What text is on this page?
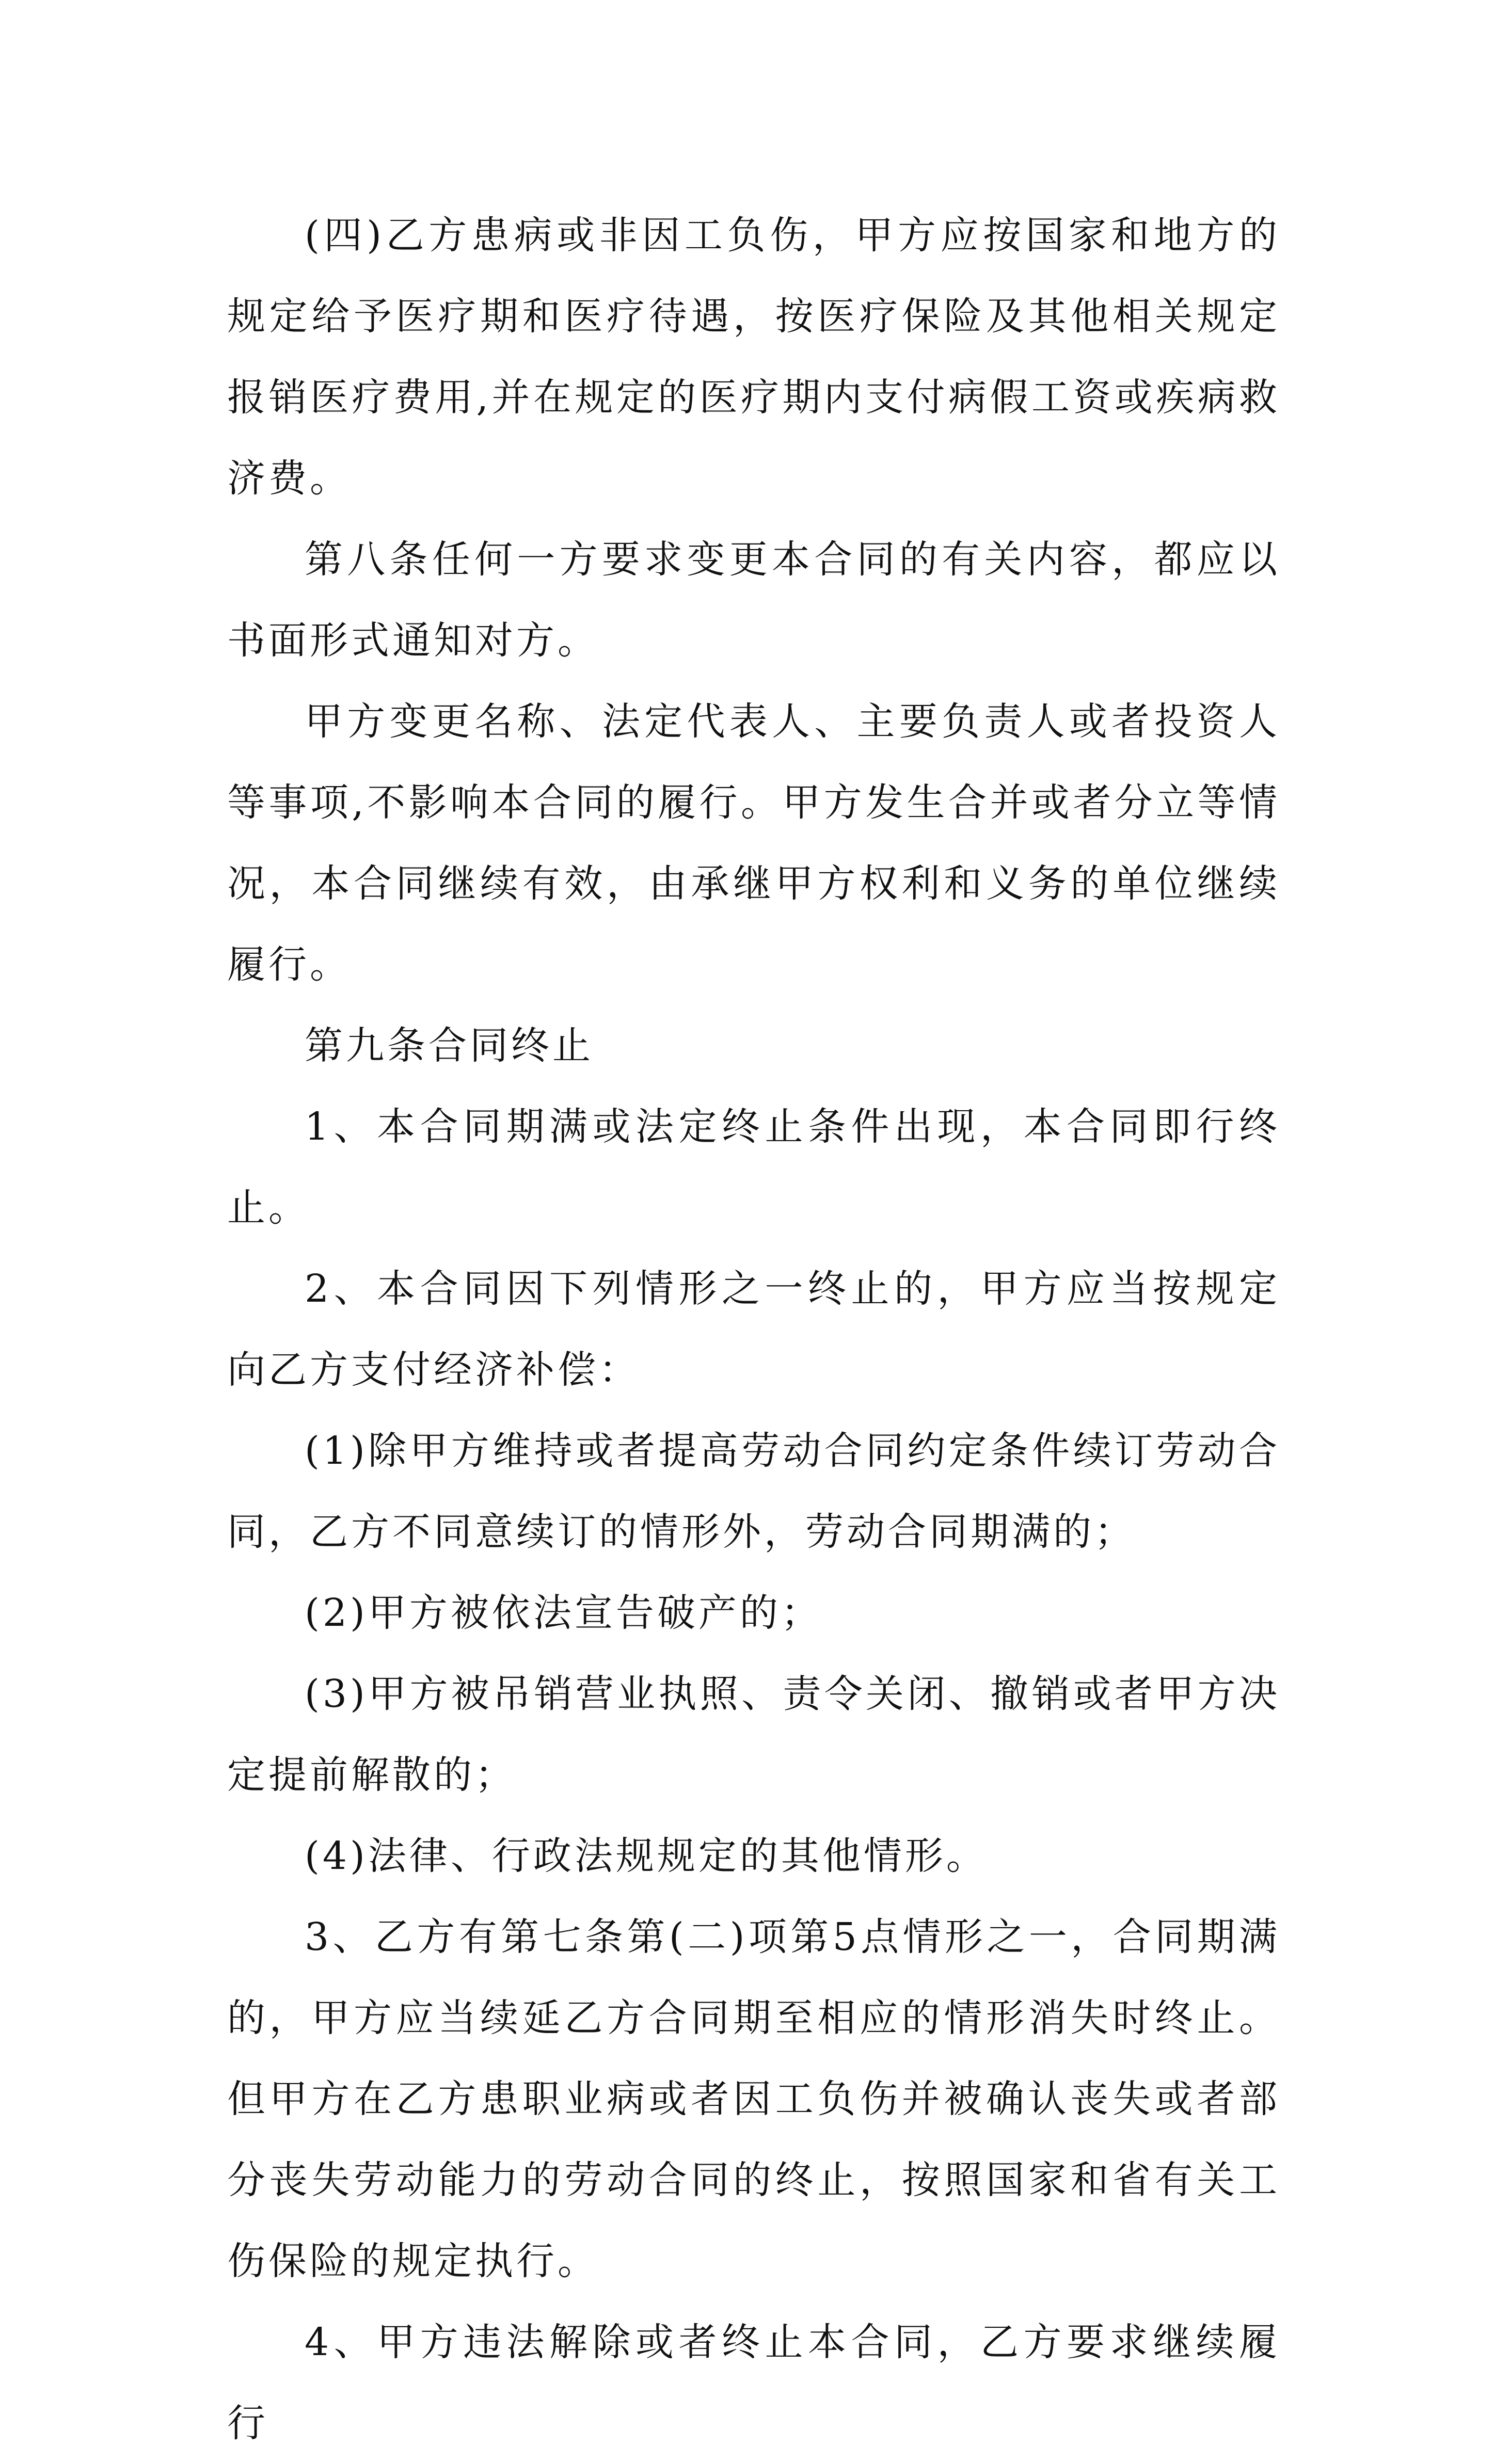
(四)乙方患病或非因工负伤，甲方应按国家和地方的规定给予医疗期和医疗待遇，按医疗保险及其他相关规定报销医疗费用,并在规定的医疗期内支付病假工资或疾病救济费。

第八条任何一方要求变更本合同的有关内容，都应以书面形式通知对方。

甲方变更名称、法定代表人、主要负责人或者投资人等事项,不影响本合同的履行。甲方发生合并或者分立等情况，本合同继续有效，由承继甲方权利和义务的单位继续履行。

第九条合同终止

1、本合同期满或法定终止条件出现，本合同即行终止。

2、本合同因下列情形之一终止的，甲方应当按规定向乙方支付经济补偿：

(1)除甲方维持或者提高劳动合同约定条件续订劳动合同，乙方不同意续订的情形外，劳动合同期满的；

(2)甲方被依法宣告破产的；

(3)甲方被吊销营业执照、责令关闭、撤销或者甲方决定提前解散的；

(4)法律、行政法规规定的其他情形。

3、乙方有第七条第(二)项第5点情形之一，合同期满的，甲方应当续延乙方合同期至相应的情形消失时终止。但甲方在乙方患职业病或者因工负伤并被确认丧失或者部分丧失劳动能力的劳动合同的终止，按照国家和省有关工伤保险的规定执行。

4、甲方违法解除或者终止本合同，乙方要求继续履行
